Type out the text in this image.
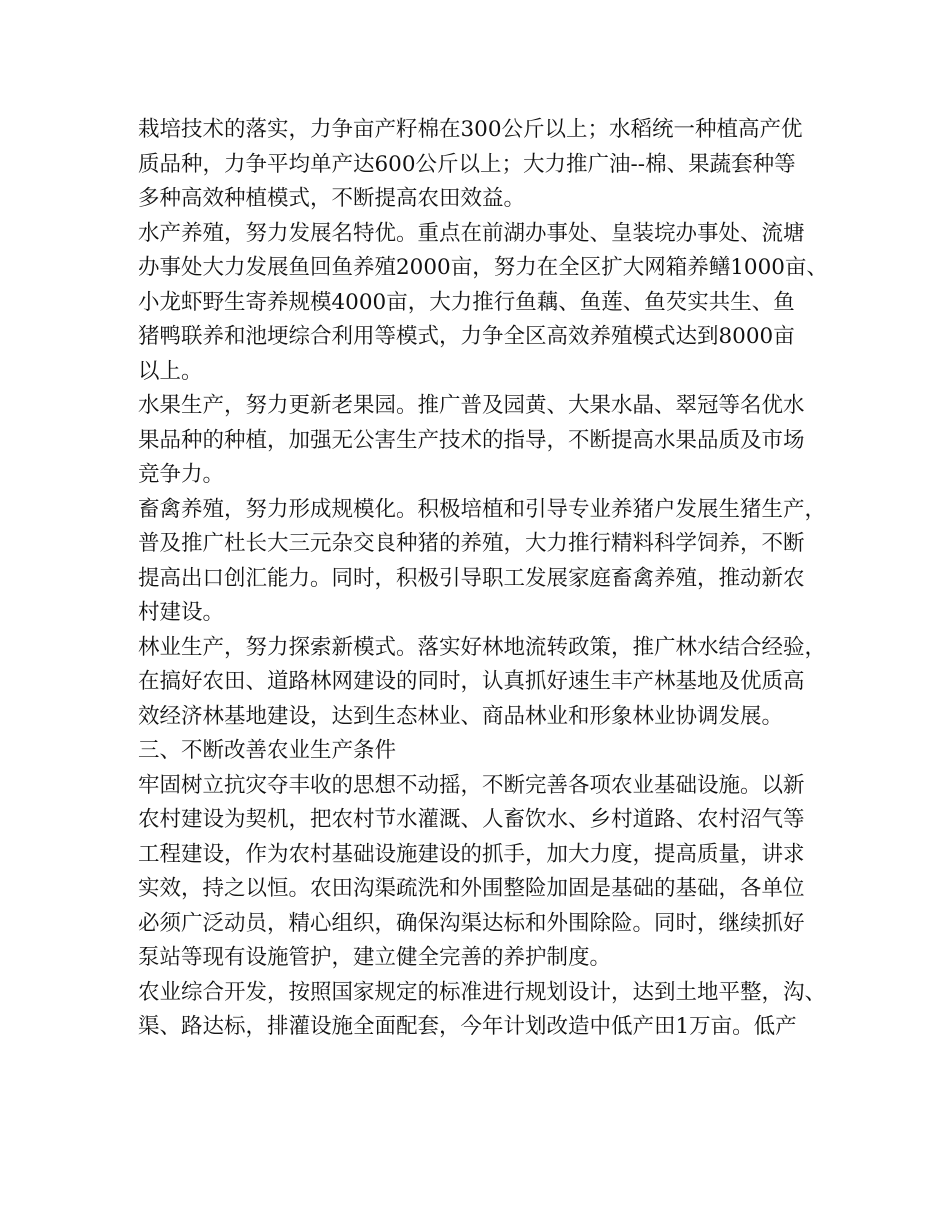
栽培技术的落实，力争亩产籽棉在300公斤以上；水稻统一种植高产优
质品种，力争平均单产达600公斤以上；大力推广油--棉、果蔬套种等
多种高效种植模式，不断提高农田效益。
水产养殖，努力发展名特优。重点在前湖办事处、皇装垸办事处、流塘
办事处大力发展鱼回鱼养殖2000亩，努力在全区扩大网箱养鳝1000亩、
小龙虾野生寄养规模4000亩，大力推行鱼藕、鱼莲、鱼芡实共生、鱼
猪鸭联养和池埂综合利用等模式，力争全区高效养殖模式达到8000亩
以上。
水果生产，努力更新老果园。推广普及园黄、大果水晶、翠冠等名优水
果品种的种植，加强无公害生产技术的指导，不断提高水果品质及市场
竞争力。
畜禽养殖，努力形成规模化。积极培植和引导专业养猪户发展生猪生产，
普及推广杜长大三元杂交良种猪的养殖，大力推行精料科学饲养，不断
提高出口创汇能力。同时，积极引导职工发展家庭畜禽养殖，推动新农
村建设。
林业生产，努力探索新模式。落实好林地流转政策，推广林水结合经验，
在搞好农田、道路林网建设的同时，认真抓好速生丰产林基地及优质高
效经济林基地建设，达到生态林业、商品林业和形象林业协调发展。
三、不断改善农业生产条件
牢固树立抗灾夺丰收的思想不动摇，不断完善各项农业基础设施。以新
农村建设为契机，把农村节水灌溉、人畜饮水、乡村道路、农村沼气等
工程建设，作为农村基础设施建设的抓手，加大力度，提高质量，讲求
实效，持之以恒。农田沟渠疏洗和外围整险加固是基础的基础，各单位
必须广泛动员，精心组织，确保沟渠达标和外围除险。同时，继续抓好
泵站等现有设施管护，建立健全完善的养护制度。
农业综合开发，按照国家规定的标准进行规划设计，达到土地平整，沟、
渠、路达标，排灌设施全面配套，今年计划改造中低产田1万亩。低产
